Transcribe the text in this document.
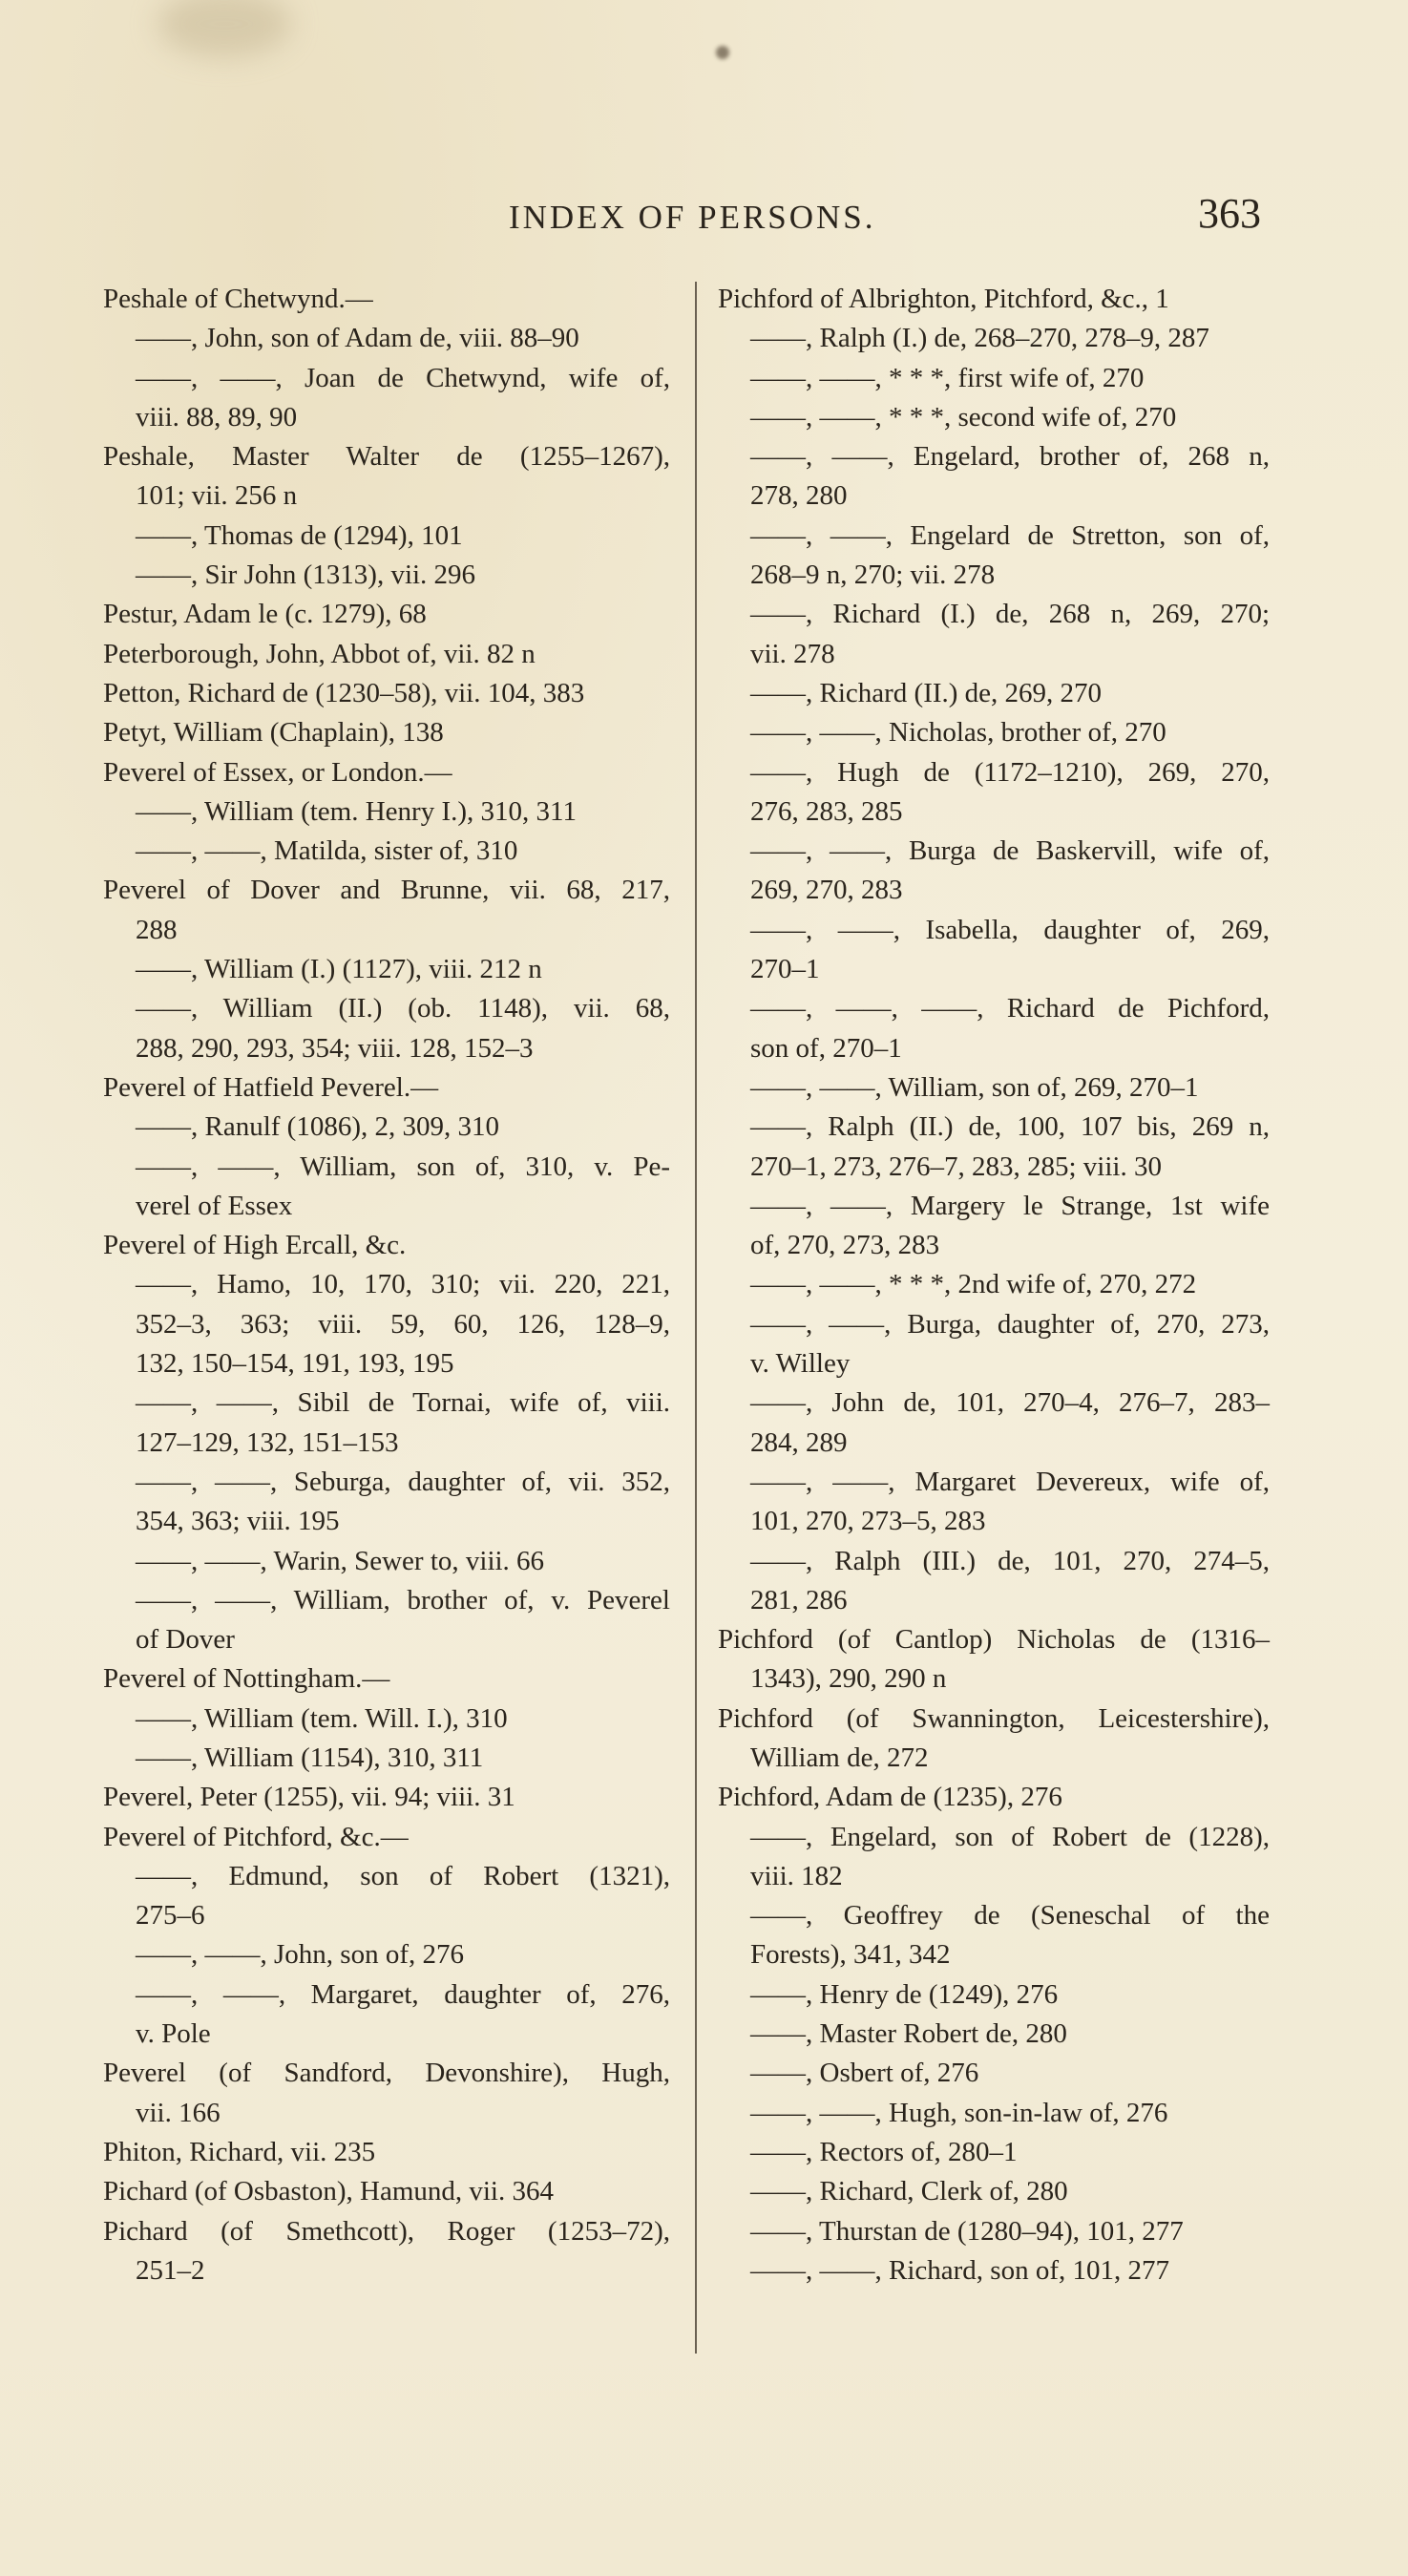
INDEX OF PERSONS.	363
Peshale of Chetwynd.—
——, John, son of Adam de, viii. 88–90
——, ——, Joan de Chetwynd, wife of,
viii. 88, 89, 90
Peshale, Master Walter de (1255–1267),
101; vii. 256 n
——, Thomas de (1294), 101
——, Sir John (1313), vii. 296
Pestur, Adam le (c. 1279), 68
Peterborough, John, Abbot of, vii. 82 n
Petton, Richard de (1230–58), vii. 104, 383
Petyt, William (Chaplain), 138
Peverel of Essex, or London.—
——, William (tem. Henry I.), 310, 311
——, ——, Matilda, sister of, 310
Peverel of Dover and Brunne, vii. 68, 217,
288
——, William (I.) (1127), viii. 212 n
——, William (II.) (ob. 1148), vii. 68,
288, 290, 293, 354; viii. 128, 152–3
Peverel of Hatfield Peverel.—
——, Ranulf (1086), 2, 309, 310
——, ——, William, son of, 310, v. Pe-
verel of Essex
Peverel of High Ercall, &c.
——, Hamo, 10, 170, 310; vii. 220, 221,
352–3, 363; viii. 59, 60, 126, 128–9,
132, 150–154, 191, 193, 195
——, ——, Sibil de Tornai, wife of, viii.
127–129, 132, 151–153
——, ——, Seburga, daughter of, vii. 352,
354, 363; viii. 195
——, ——, Warin, Sewer to, viii. 66
——, ——, William, brother of, v. Peverel
of Dover
Peverel of Nottingham.—
——, William (tem. Will. I.), 310
——, William (1154), 310, 311
Peverel, Peter (1255), vii. 94; viii. 31
Peverel of Pitchford, &c.—
——, Edmund, son of Robert (1321),
275–6
——, ——, John, son of, 276
——, ——, Margaret, daughter of, 276,
v. Pole
Peverel (of Sandford, Devonshire), Hugh,
vii. 166
Phiton, Richard, vii. 235
Pichard (of Osbaston), Hamund, vii. 364
Pichard (of Smethcott), Roger (1253–72),
251–2
Pichford of Albrighton, Pitchford, &c., 1
——, Ralph (I.) de, 268–270, 278–9, 287
——, ——, * * *, first wife of, 270
——, ——, * * *, second wife of, 270
——, ——, Engelard, brother of, 268 n,
278, 280
——, ——, Engelard de Stretton, son of,
268–9 n, 270; vii. 278
——, Richard (I.) de, 268 n, 269, 270;
vii. 278
——, Richard (II.) de, 269, 270
——, ——, Nicholas, brother of, 270
——, Hugh de (1172–1210), 269, 270,
276, 283, 285
——, ——, Burga de Baskervill, wife of,
269, 270, 283
——, ——, Isabella, daughter of, 269,
270–1
——, ——, ——, Richard de Pichford,
son of, 270–1
——, ——, William, son of, 269, 270–1
——, Ralph (II.) de, 100, 107 bis, 269 n,
270–1, 273, 276–7, 283, 285; viii. 30
——, ——, Margery le Strange, 1st wife
of, 270, 273, 283
——, ——, * * *, 2nd wife of, 270, 272
——, ——, Burga, daughter of, 270, 273,
v. Willey
——, John de, 101, 270–4, 276–7, 283–
284, 289
——, ——, Margaret Devereux, wife of,
101, 270, 273–5, 283
——, Ralph (III.) de, 101, 270, 274–5,
281, 286
Pichford (of Cantlop) Nicholas de (1316–
1343), 290, 290 n
Pichford (of Swannington, Leicestershire),
William de, 272
Pichford, Adam de (1235), 276
——, Engelard, son of Robert de (1228),
viii. 182
——, Geoffrey de (Seneschal of the
Forests), 341, 342
——, Henry de (1249), 276
——, Master Robert de, 280
——, Osbert of, 276
——, ——, Hugh, son-in-law of, 276
——, Rectors of, 280–1
——, Richard, Clerk of, 280
——, Thurstan de (1280–94), 101, 277
——, ——, Richard, son of, 101, 277
